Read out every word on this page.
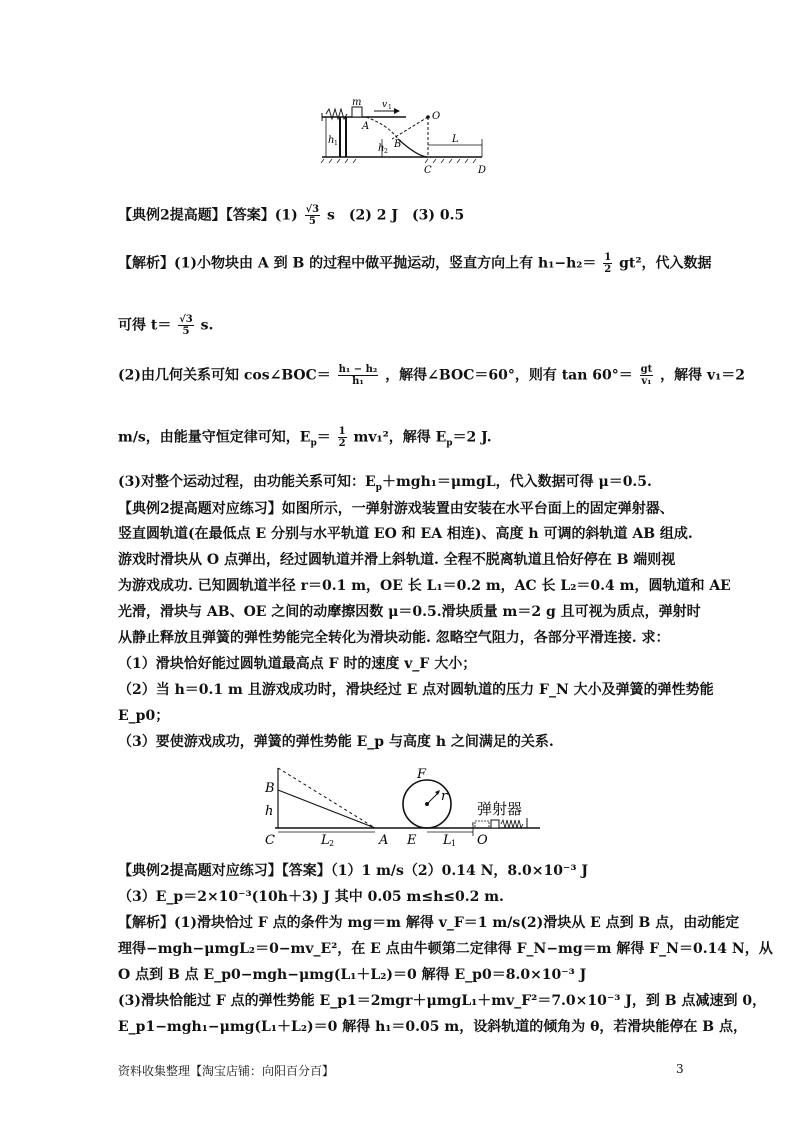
m v 1
A
O
h 1	h 2
B
C	D
L
【典例2提高题】【答案】$(1) \frac{√3}{5}$ s　(2) 2 J　(3) 0.5
【解析】(1)小物块由 A 到 B 的过程中做平抛运动，竖直方向上有 $h_1-h_2= \frac{1}{2} gt^2$，代入数据
可得 $t= \frac{√3}{5} s$.
(2)由几何关系可知 cos∠BOC＝ $\frac{\text{h₁ − h₂}}{\text{h₁}}$ ，解得∠BOC＝60°，则有 $\tan 60^\circ= \frac{gt}{\text{v₁}}$ ，解得 v₁＝2
m/s，由能量守恒定律可知，$E_p= \frac{1}{2} mv_1^2$，解得 $E_p=2$ J.
(3)对整个运动过程，由功能关系可知：$E_p+mgh_1=\mu mgL$，代入数据可得 μ＝0.5.
【典例2提高题对应练习】如图所示，一弹射游戏装置由安装在水平台面上的固定弹射器、
竖直圆轨道(在最低点 E 分别与水平轨道 EO 和 EA 相连)、高度 h 可调的斜轨道 AB 组成.
游戏时滑块从 O 点弹出，经过圆轨道并滑上斜轨道. 全程不脱离轨道且恰好停在 B 端则视
为游戏成功. 已知圆轨道半径 r＝0.1 m，OE 长 L₁＝0.2 m，AC 长 L₂＝0.4 m，圆轨道和 AE
光滑，滑块与 AB、OE 之间的动摩擦因数 μ＝0.5.滑块质量 m＝2 g 且可视为质点，弹射时
从静止释放且弹簧的弹性势能完全转化为滑块动能. 忽略空气阻力，各部分平滑连接. 求：
（1）滑块恰好能过圆轨道最高点 F 时的速度 v_F 大小；
（2）当 h＝0.1 m 且游戏成功时，滑块经过 E 点对圆轨道的压力 F_N 大小及弹簧的弹性势能
E_p0；
（3）要使游戏成功，弹簧的弹性势能 E_p 与高度 h 之间满足的关系.
B
h
C	L 2	A
F
r
E L 1 O
弹射器
【典例2提高题对应练习】【答案】（1）1 m/s（2）0.14 N，8.0×10⁻³ J
（3）E_p＝2×10⁻³(10h＋3) J 其中 0.05 m≤h≤0.2 m.
【解析】(1)滑块恰过 F 点的条件为 mg＝m 解得 v_F＝1 m/s(2)滑块从 E 点到 B 点，由动能定
理得−mgh−μmgL₂＝0−mv_E²，在 E 点由牛顿第二定律得 F_N−mg＝m 解得 F_N＝0.14 N，从
O 点到 B 点 E_p0−mgh−μmg(L₁＋L₂)＝0 解得 E_p0＝8.0×10⁻³ J
(3)滑块恰能过 F 点的弹性势能 E_p1＝2mgr＋μmgL₁＋mv_F²＝7.0×10⁻³ J，到 B 点减速到 0，
E_p1−mgh₁−μmg(L₁＋L₂)＝0 解得 h₁＝0.05 m，设斜轨道的倾角为 θ，若滑块能停在 B 点，
资料收集整理【淘宝店铺：向阳百分百】	3
